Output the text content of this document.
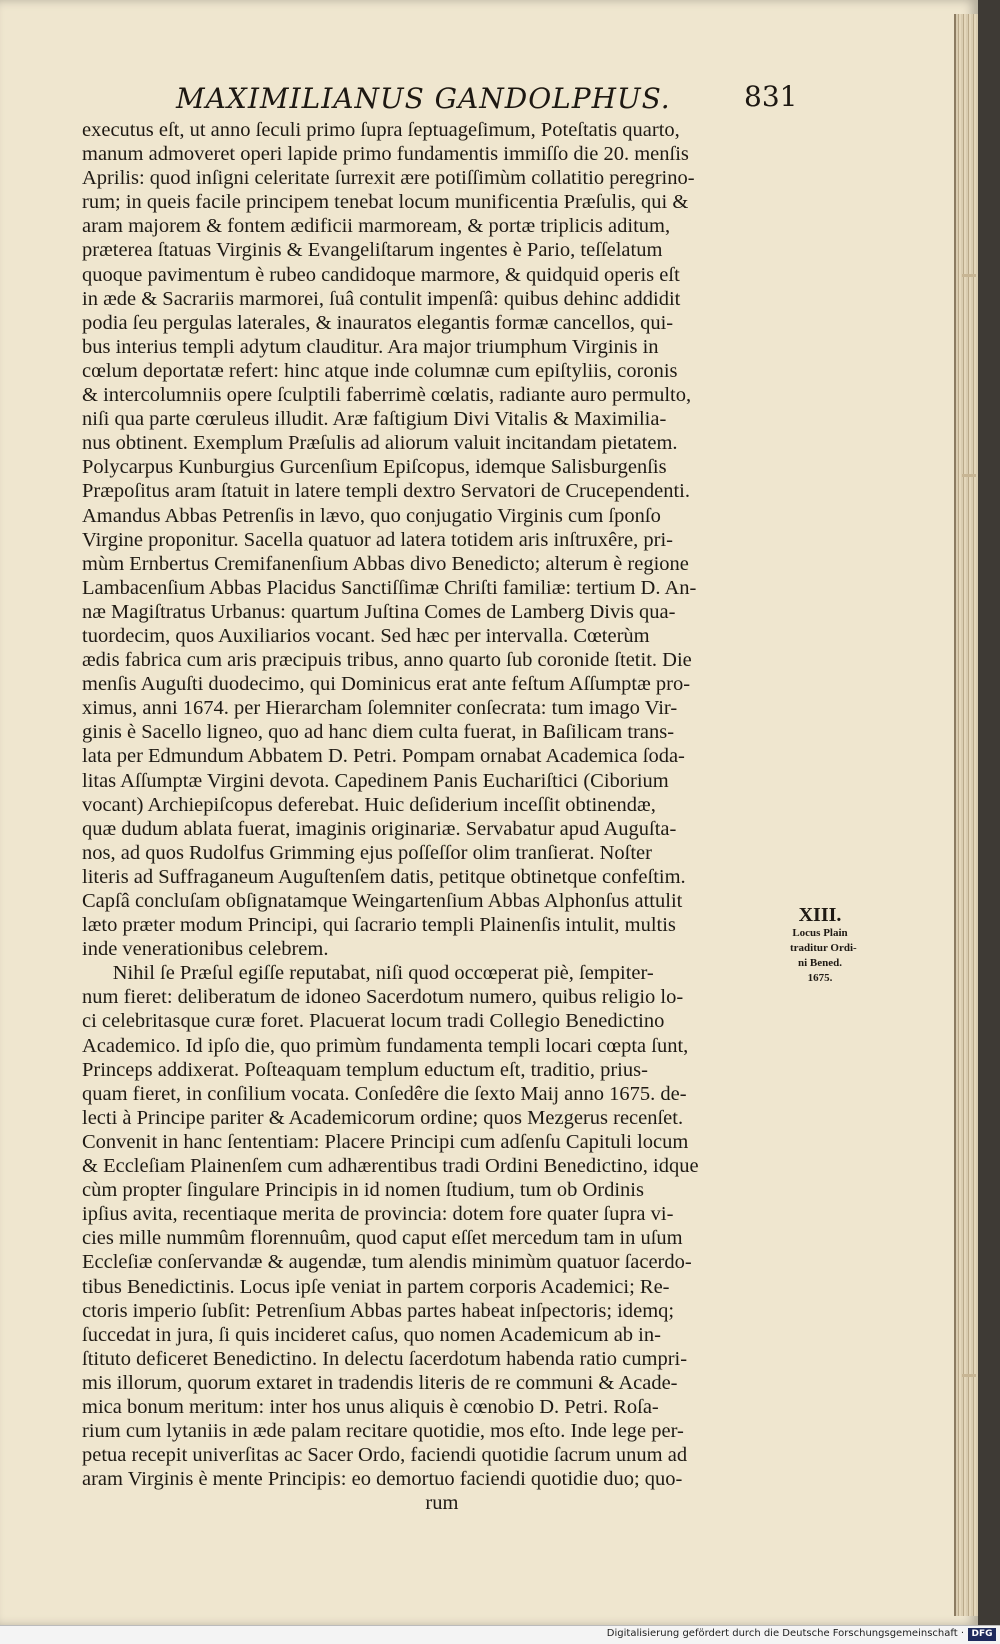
MAXIMILIANUS GANDOLPHUS.	831
executus eſt, ut anno ſeculi primo ſupra ſeptuageſimum, Poteſtatis quarto,
manum admoveret operi lapide primo fundamentis immiſſo die 20. menſis
Aprilis: quod inſigni celeritate ſurrexit ære potiſſimùm collatitio peregrino-
rum; in queis facile principem tenebat locum munificentia Præſulis, qui &
aram majorem & fontem ædificii marmoream, & portæ triplicis aditum,
præterea ſtatuas Virginis & Evangeliſtarum ingentes è Pario, teſſelatum
quoque pavimentum è rubeo candidoque marmore, & quidquid operis eſt
in æde & Sacrariis marmorei, ſuâ contulit impenſâ: quibus dehinc addidit
podia ſeu pergulas laterales, & inauratos elegantis formæ cancellos, qui-
bus interius templi adytum clauditur. Ara major triumphum Virginis in
cœlum deportatæ refert: hinc atque inde columnæ cum epiſtyliis, coronis
& intercolumniis opere ſculptili faberrimè cœlatis, radiante auro permulto,
niſi qua parte cœruleus illudit. Aræ faſtigium Divi Vitalis & Maximilia-
nus obtinent. Exemplum Præſulis ad aliorum valuit incitandam pietatem.
Polycarpus Kunburgius Gurcenſium Epiſcopus, idemque Salisburgenſis
Præpoſitus aram ſtatuit in latere templi dextro Servatori de Crucependenti.
Amandus Abbas Petrenſis in lævo, quo conjugatio Virginis cum ſponſo
Virgine proponitur. Sacella quatuor ad latera totidem aris inſtruxêre, pri-
mùm Ernbertus Cremifanenſium Abbas divo Benedicto; alterum è regione
Lambacenſium Abbas Placidus Sanctiſſimæ Chriſti familiæ: tertium D. An-
næ Magiſtratus Urbanus: quartum Juſtina Comes de Lamberg Divis qua-
tuordecim, quos Auxiliarios vocant. Sed hæc per intervalla. Cœterùm
ædis fabrica cum aris præcipuis tribus, anno quarto ſub coronide ſtetit. Die
menſis Auguſti duodecimo, qui Dominicus erat ante feſtum Aſſumptæ pro-
ximus, anni 1674. per Hierarcham ſolemniter conſecrata: tum imago Vir-
ginis è Sacello ligneo, quo ad hanc diem culta fuerat, in Baſilicam trans-
lata per Edmundum Abbatem D. Petri. Pompam ornabat Academica ſoda-
litas Aſſumptæ Virgini devota. Capedinem Panis Euchariſtici (Ciborium
vocant) Archiepiſcopus deferebat. Huic deſiderium inceſſit obtinendæ,
quæ dudum ablata fuerat, imaginis originariæ. Servabatur apud Auguſta-
nos, ad quos Rudolfus Grimming ejus poſſeſſor olim tranſierat. Noſter
literis ad Suffraganeum Auguſtenſem datis, petitque obtinetque confeſtim.
Capſâ concluſam obſignatamque Weingartenſium Abbas Alphonſus attulit
læto præter modum Principi, qui ſacrario templi Plainenſis intulit, multis
inde venerationibus celebrem.
Nihil ſe Præſul egiſſe reputabat, niſi quod occœperat piè, ſempiter-
num fieret: deliberatum de idoneo Sacerdotum numero, quibus religio lo-
ci celebritasque curæ foret. Placuerat locum tradi Collegio Benedictino
Academico. Id ipſo die, quo primùm fundamenta templi locari cœpta ſunt,
Princeps addixerat. Poſteaquam templum eductum eſt, traditio, prius-
quam fieret, in conſilium vocata. Conſedêre die ſexto Maij anno 1675. de-
lecti à Principe pariter & Academicorum ordine; quos Mezgerus recenſet.
Convenit in hanc ſententiam: Placere Principi cum adſenſu Capituli locum
& Eccleſiam Plainenſem cum adhærentibus tradi Ordini Benedictino, idque
cùm propter ſingulare Principis in id nomen ſtudium, tum ob Ordinis
ipſius avita, recentiaque merita de provincia: dotem fore quater ſupra vi-
cies mille nummûm florennuûm, quod caput eſſet mercedum tam in uſum
Eccleſiæ conſervandæ & augendæ, tum alendis minimùm quatuor ſacerdo-
tibus Benedictinis. Locus ipſe veniat in partem corporis Academici; Re-
ctoris imperio ſubſit: Petrenſium Abbas partes habeat inſpectoris; idemq;
ſuccedat in jura, ſi quis incideret caſus, quo nomen Academicum ab in-
ſtituto deficeret Benedictino. In delectu ſacerdotum habenda ratio cumpri-
mis illorum, quorum extaret in tradendis literis de re communi & Acade-
mica bonum meritum: inter hos unus aliquis è cœnobio D. Petri. Roſa-
rium cum lytaniis in æde palam recitare quotidie, mos eſto. Inde lege per-
petua recepit univerſitas ac Sacer Ordo, faciendi quotidie ſacrum unum ad
aram Virginis è mente Principis: eo demortuo faciendi quotidie duo; quo-
rum
XIII.
Locus Plain
traditur Ordi-
ni Bened.
1675.
Digitalisierung gefördert durch die Deutsche Forschungsgemeinschaft · DFG
